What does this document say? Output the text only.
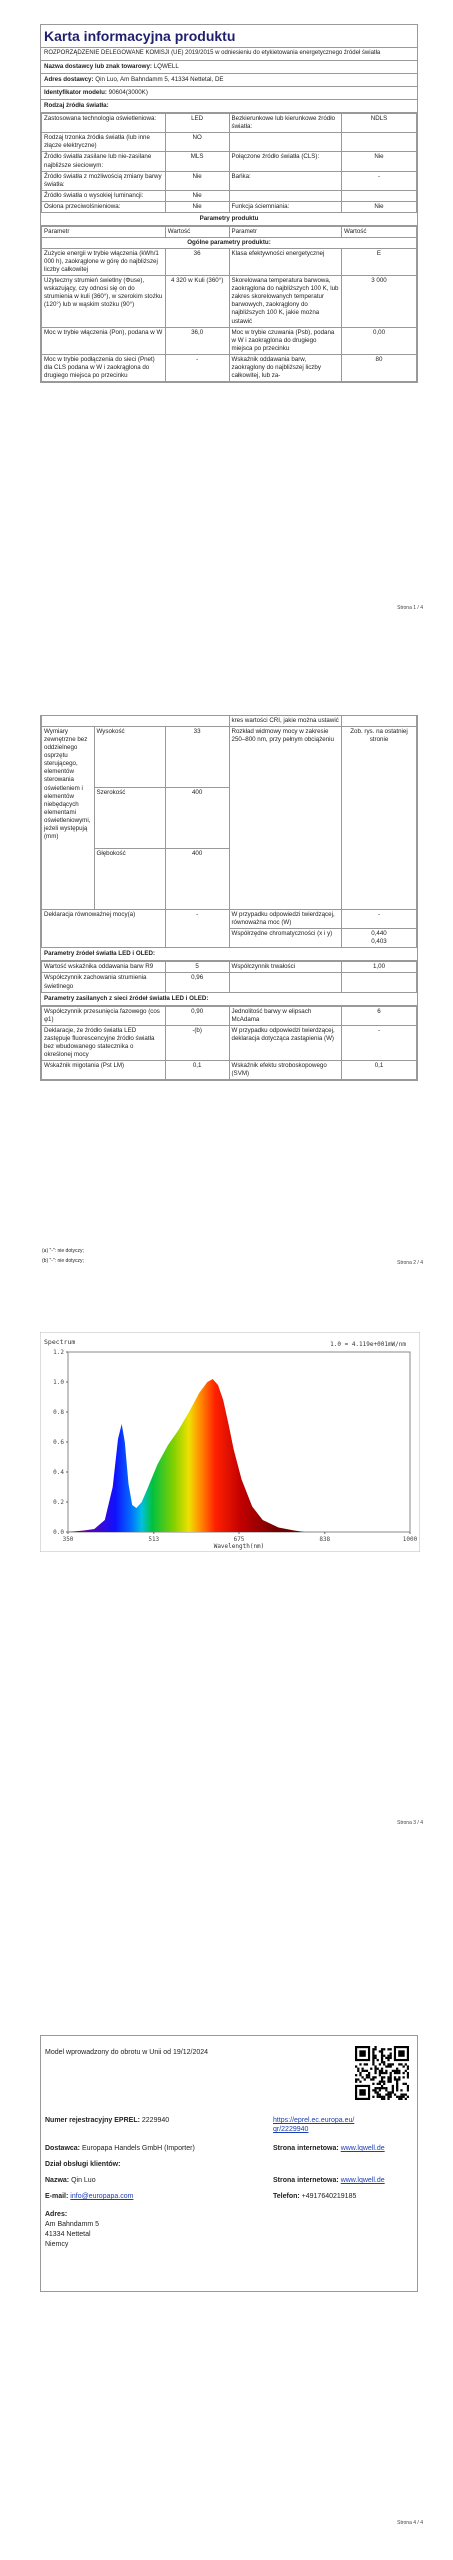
Karta informacyjna produktu
ROZPORZĄDZENIE DELEGOWANE KOMISJI (UE) 2019/2015 w odniesieniu do etykietowania energetycznego źródeł światła
Nazwa dostawcy lub znak towarowy: LQWELL
Adres dostawcy: Qin Luo, Am Bahndamm 5, 41334 Nettetal, DE
Identyfikator modelu: 90604(3000K)
Rodzaj źródła światła:
Zastosowana technologia oświetleniowa:	LED	Bezkierunkowe lub kierunkowe źródło światła:	NDLS
Rodzaj trzonka źródła światła (lub inne złącze elektryczne)	NO		
Źródło światła zasilane lub nie-zasilane najbliższe sieciowym:	MLS	Połączone źródło światła (CLS):	Nie
Źródło światła z możliwością zmiany barwy światła:	Nie	Bańka:	-
Źródło światła o wysokiej luminancji:	Nie		
Osłona przeciwolśnieniowa:	Nie	Funkcja ściemniania:	Nie
Parametry produktu
Parametr	Wartość	Parametr	Wartość
Ogólne parametry produktu:			
Zużycie energii w trybie włączenia (kWh/1 000 h), zaokrąglone w górę do najbliższej liczby całkowitej	36	Klasa efektywności energetycznej	E
Użyteczny strumień świetlny (Φuse), wskazujący, czy odnosi się on do strumienia w kuli (360°), w szerokim stożku (120°) lub w wąskim stożku (90°)	4 320 w Kuli (360°)	Skorelowana temperatura barwowa, zaokrąglona do najbliższych 100 K, lub zakres skorelowanych temperatur barwowych, zaokrąglony do najbliższych 100 K, jakie można ustawić	3 000
Moc w trybie włączenia (Pon), podana w W	36,0	Moc w trybie czuwania (Psb), podana w W i zaokrąglona do drugiego miejsca po przecinku	0,00
Moc w trybie podłączenia do sieci (Pnet) dla CLS podana w W i zaokrąglona do drugiego miejsca po przecinku	-	Wskaźnik oddawania barw, zaokrąglony do najbliższej liczby całkowitej, lub za-	80
Strona 1 / 4
			kres wartości CRI, jakie można ustawić	
Wymiary zewnętrzne bez oddzielnego osprzętu sterującego, elementów sterowania oświetleniem i elementów niebędących elementami oświetleniowymi, jeżeli występują (mm)	Wysokość	33	Rozkład widmowy mocy w zakresie 250–800 nm, przy pełnym obciążeniu	Zob. rys. na ostatniej stronie
	Szerokość	400		
	Głębokość	400		
Deklaracja równoważnej mocy(a)		-	W przypadku odpowiedzi twierdzącej, równoważna moc (W)	-
			Współrzędne chromatyczności (x i y)	0,440
0,403
Parametry źródeł światła LED i OLED:
Wartość wskaźnika oddawania barw R9	5	Współczynnik trwałości	1,00
Współczynnik zachowania strumienia świetlnego	0,96		
Parametry zasilanych z sieci źródeł światła LED i OLED:
Współczynnik przesunięcia fazowego (cos φ1)	0,90	Jednolitość barwy w elipsach McAdama	6
Deklaracje, że źródło światła LED zastępuje fluorescencyjne źródło światła bez wbudowanego statecznika o określonej mocy	-(b)	W przypadku odpowiedzi twierdzącej, deklaracja dotycząca zastąpienia (W)	-
Wskaźnik migotania (Pst LM)	0,1	Wskaźnik efektu stroboskopowego (SVM)	0,1
(a) "-": nie dotyczy;
(b) "-": nie dotyczy;	Strona 2 / 4
0.0
0.2
0.4
0.6
0.8
1.0
1.2
350	513	675	838	1000
Spectrum
Wavelength(nm)
1.0 = 4.119e+001mW/nm
Strona 3 / 4
Model wprowadzony do obrotu w Unii od 19/12/2024
Numer rejestracyjny EPREL: 2229940	https://eprel.ec.europa.eu/qr/2229940
Dostawca: Europapa Handels GmbH (Importer)	Strona internetowa: www.lqwell.de
Dział obsługi klientów:
Nazwa: Qin Luo	Strona internetowa: www.lqwell.de
E-mail: info@europapa.com	Telefon: +4917640219185
Adres:
Am Bahndamm 5
41334 Nettetal
Niemcy
Strona 4 / 4
